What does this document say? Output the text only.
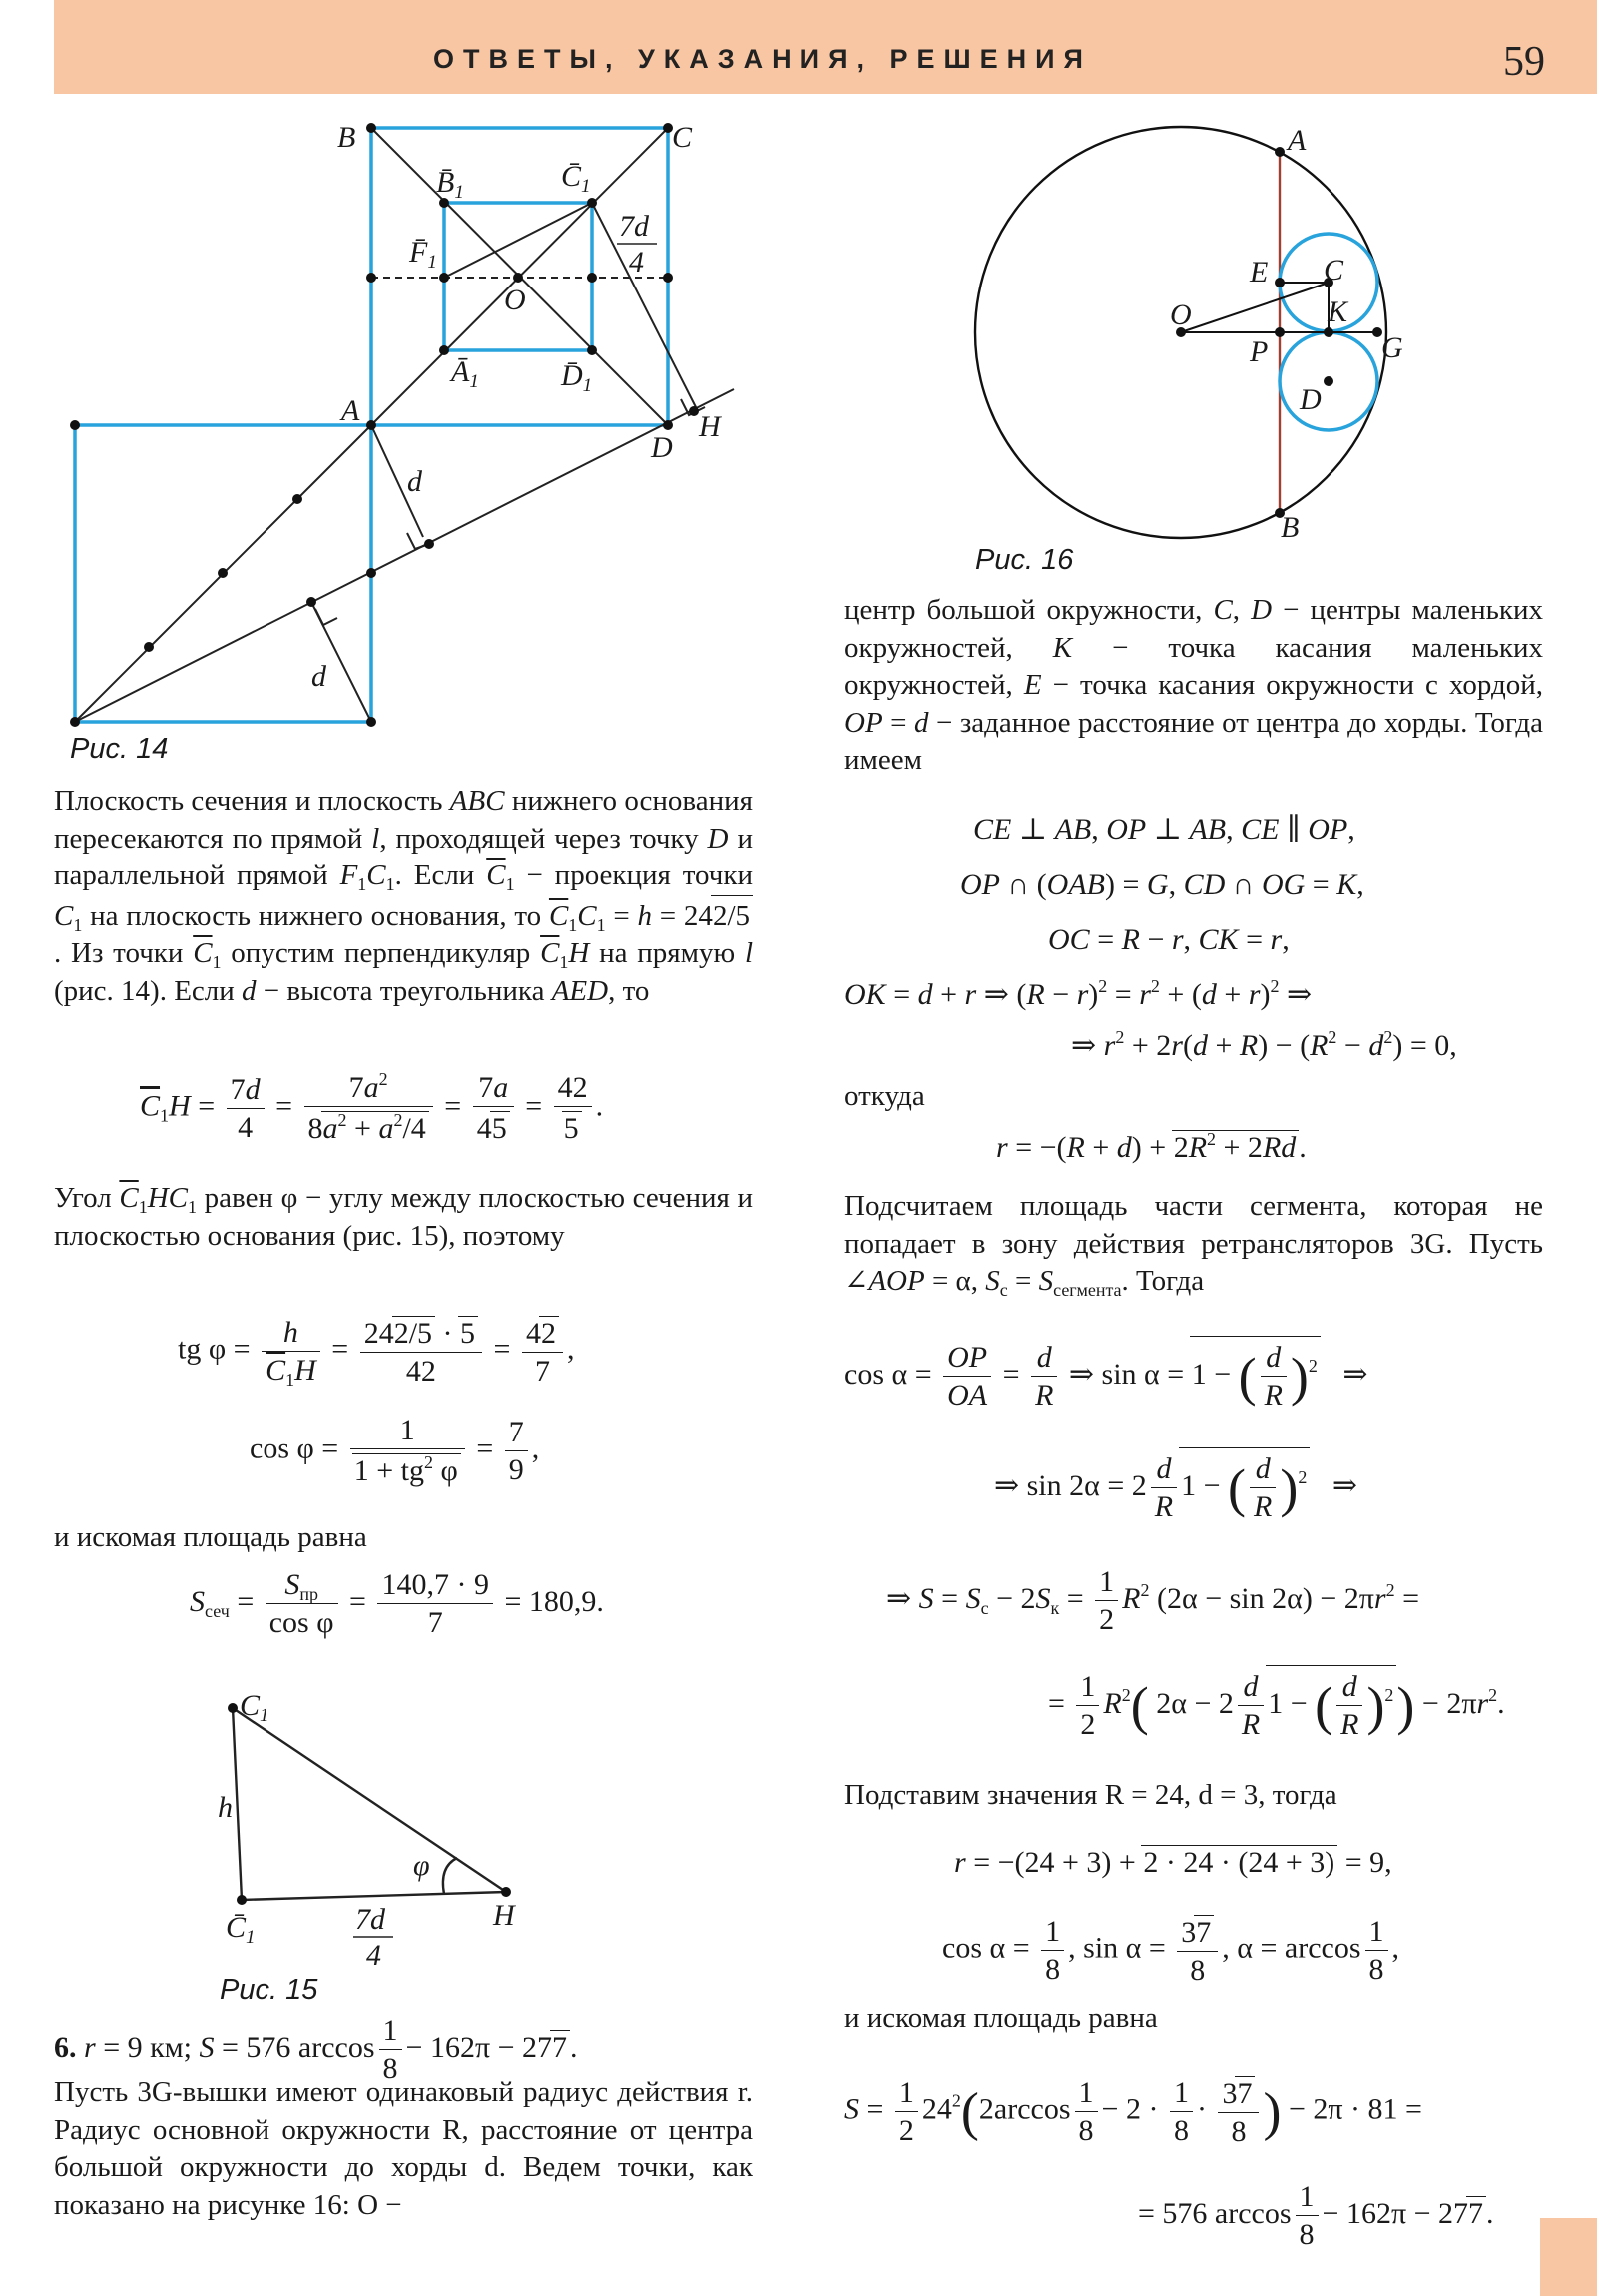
ОТВЕТЫ, УКАЗАНИЯ, РЕШЕНИЯ	59
B	C
$B̄_1$	$C̄_1$
$F̄_1$
O
$Ā_1$	$D̄_1$
7d
4
A
D
H
d
d
Рис. 14
Плоскость сечения и плоскость ABC нижнего основания пересекаются по прямой l, проходящей через точку D и параллельной прямой $F_1C_1$. Если $\overline{C}_1$ − проекция точки $C_1$ на плоскость нижнего основания, то $\overline{C}_1C_1 = h = 242/5$. Из точки $\overline{C}_1$ опустим перпендикуляр $\overline{C}_1H$ на прямую l (рис. 14). Если d − высота треугольника AED, то
$\overline{C}_1H = \frac{7d}{4} = \frac{7a^2}{8a^2 + a^2/4} = \frac{7a}{45} = \frac{42}{5}$ .
Угол $\overline{C}_1HC_1$ равен φ − углу между плоскостью сечения и плоскостью основания (рис. 15), поэтому
tg $\varphi = \frac{h}{\overline{C}_1H} = \frac{242/5 \cdot 5}{42} = \frac{42}{7}$ ,
$\cos \varphi = \frac{1}{1 + tg^2 \varphi} = \frac{7}{9}$ ,
и искомая площадь равна
$S_{сеч} = \frac{S_{пр}}{\text{cos φ}} = \frac{140,7 \cdot 9}{7} = 180,9$.
$C_1$
h
$C̄_1$
φ
H
7d
4
Рис. 15
6. r = 9 км; S = 576 $\arccos \frac{1}{8} - 162\pi - 277$ .
Пусть 3G-вышки имеют одинаковый радиус действия r. Радиус основной окружности R, расстояние от центра большой окружности до хорды d. Ведем точки, как показано на рисунке 16: O −
A
B
O
E C
K
P	G
D
Рис. 16
центр большой окружности, C, D − центры маленьких окружностей, K − точка касания маленьких окружностей, E − точка касания окружности с хордой, OP = d − заданное расстояние от центра до хорды. Тогда имеем
CE ⊥ AB, OP ⊥ AB, CE ∥ OP,
OP ∩ (OAB) = G, CD ∩ OG = K,
OC = R − r, CK = r,
OK = d + r ⇒ $(R - r)^2 = r^2 + (d + r)^2$ ⇒
⇒ $r^2 + 2r(d + R) - (R^2 - d^2) = 0$,
откуда
$r = -(R + d) + 2R^2 + 2Rd$ .
Подсчитаем площадь части сегмента, которая не попадает в зону действия ретрансляторов 3G. Пусть ∠AOP = α, $S_с = S_{сегмента}$. Тогда
$\cos \alpha = \frac{OP}{OA} = \frac{d}{R}$ ⇒ sin α = 1 − ( $\frac{d}{R} )^2$   ⇒
⇒ $\sin 2\alpha = 2 \frac{d}{R} 1$ − ( $\frac{d}{R} )^2$   ⇒
⇒ $S = S_с - 2S_к = \frac{1}{2} R^2$ $(2\alpha - \sin 2\alpha) - 2\pi r^2$ =
= $\frac{1}{2} R^2$( $2\alpha - 2 \frac{d}{R} 1$ − ( $\frac{d}{R} )^2) - 2\pi r^2$.
Подставим значения R = 24, d = 3, тогда
r = −(24 + 3) + 2 · 24 · (24 + 3) = 9,
$\cos \alpha = \frac{1}{8}$ , $\sin \alpha = \frac{37}{8}$ , $\alpha = \arccos \frac{1}{8}$ ,
и искомая площадь равна
$S = \frac{1}{2} 24^2(2\arccos \frac{1}{8} - 2 \cdot \frac{1}{8} \cdot \frac{37}{8}$ ) − 2π · 81 =
= 576 $\arccos \frac{1}{8} - 162\pi - 277$ .
